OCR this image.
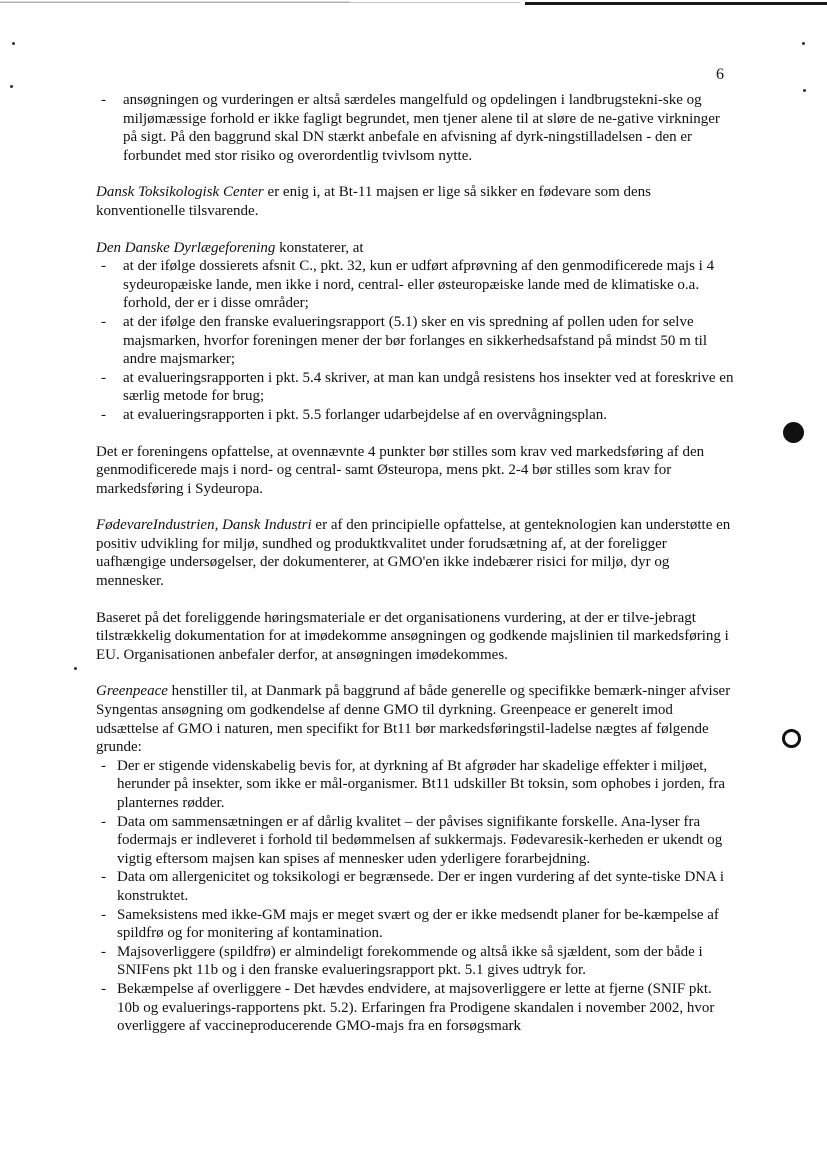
6
- ansøgningen og vurderingen er altså særdeles mangelfuld og opdelingen i landbrugstekni-ske og miljømæssige forhold er ikke fagligt begrundet, men tjener alene til at sløre de ne-gative virkninger på sigt. På den baggrund skal DN stærkt anbefale en afvisning af dyrk-ningstilladelsen - den er forbundet med stor risiko og overordentlig tvivlsom nytte.

Dansk Toksikologisk Center er enig i, at Bt-11 majsen er lige så sikker en fødevare som dens konventionelle tilsvarende.

Den Danske Dyrlægeforening konstaterer, at

- at der ifølge dossierets afsnit C., pkt. 32, kun er udført afprøvning af den genmodificerede majs i 4 sydeuropæiske lande, men ikke i nord, central- eller østeuropæiske lande med de klimatiske o.a. forhold, der er i disse områder;
- at der ifølge den franske evalueringsrapport (5.1) sker en vis spredning af pollen uden for selve majsmarken, hvorfor foreningen mener der bør forlanges en sikkerhedsafstand på mindst 50 m til andre majsmarker;
- at evalueringsrapporten i pkt. 5.4 skriver, at man kan undgå resistens hos insekter ved at foreskrive en særlig metode for brug;
- at evalueringsrapporten i pkt. 5.5 forlanger udarbejdelse af en overvågningsplan.

Det er foreningens opfattelse, at ovennævnte 4 punkter bør stilles som krav ved markedsføring af den genmodificerede majs i nord- og central- samt Østeuropa, mens pkt. 2-4 bør stilles som krav for markedsføring i Sydeuropa.

FødevareIndustrien, Dansk Industri er af den principielle opfattelse, at genteknologien kan understøtte en positiv udvikling for miljø, sundhed og produktkvalitet under forudsætning af, at der foreligger uafhængige undersøgelser, der dokumenterer, at GMO'en ikke indebærer risici for miljø, dyr og mennesker.

Baseret på det foreliggende høringsmateriale er det organisationens vurdering, at der er tilve-jebragt tilstrækkelig dokumentation for at imødekomme ansøgningen og godkende majslinien til markedsføring i EU. Organisationen anbefaler derfor, at ansøgningen imødekommes.

Greenpeace henstiller til, at Danmark på baggrund af både generelle og specifikke bemærk-ninger afviser Syngentas ansøgning om godkendelse af denne GMO til dyrkning. Greenpeace er generelt imod udsættelse af GMO i naturen, men specifikt for Bt11 bør markedsføringstil-ladelse nægtes af følgende grunde:

- Der er stigende videnskabelig bevis for, at dyrkning af Bt afgrøder har skadelige effekter i miljøet, herunder på insekter, som ikke er mål-organismer. Bt11 udskiller Bt toksin, som ophobes i jorden, fra planternes rødder.
- Data om sammensætningen er af dårlig kvalitet – der påvises signifikante forskelle. Ana-lyser fra fodermajs er indleveret i forhold til bedømmelsen af sukkermajs. Fødevaresik-kerheden er ukendt og vigtig eftersom majsen kan spises af mennesker uden yderligere forarbejdning.
- Data om allergenicitet og toksikologi er begrænsede. Der er ingen vurdering af det synte-tiske DNA i konstruktet.
- Sameksistens med ikke-GM majs er meget svært og der er ikke medsendt planer for be-kæmpelse af spildfrø og for monitering af kontamination.
- Majsoverliggere (spildfrø) er almindeligt forekommende og altså ikke så sjældent, som der både i SNIFens pkt 11b og i den franske evalueringsrapport pkt. 5.1 gives udtryk for.
- Bekæmpelse af overliggere - Det hævdes endvidere, at majsoverliggere er lette at fjerne (SNIF pkt. 10b og evaluerings-rapportens pkt. 5.2). Erfaringen fra Prodigene skandalen i november 2002, hvor overliggere af vaccineproducerende GMO-majs fra en forsøgsmark
